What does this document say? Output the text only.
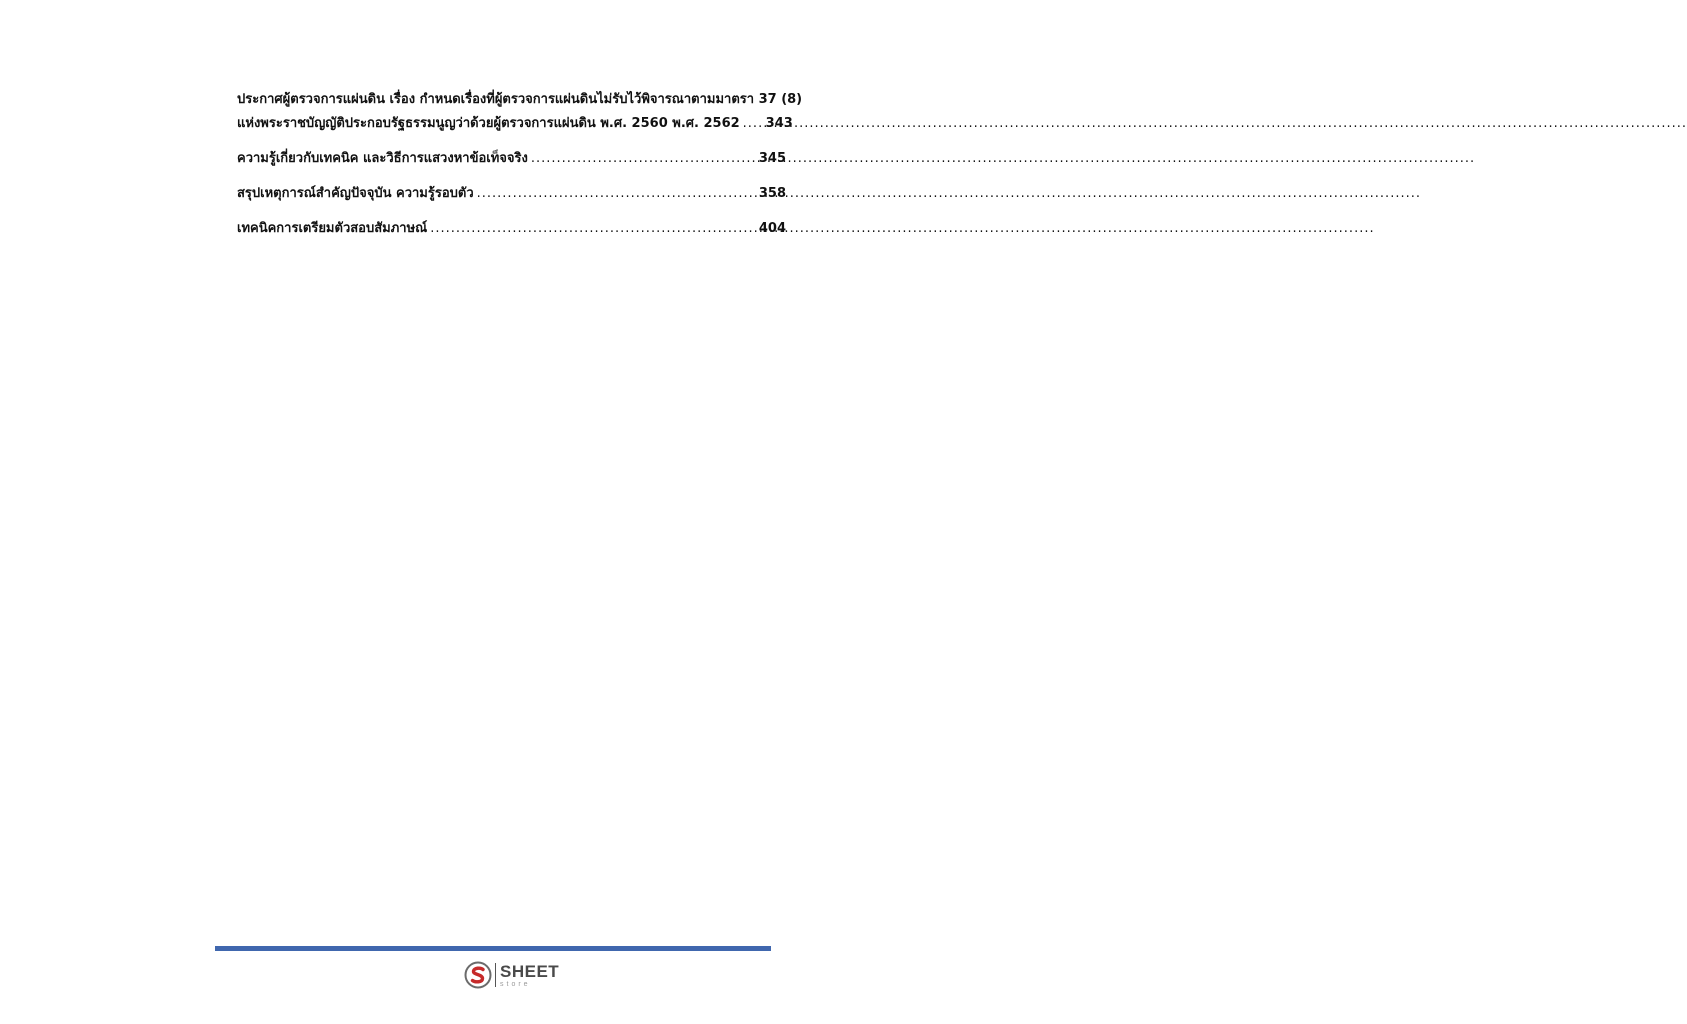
ประกาศผู้ตรวจการแผ่นดิน เรื่อง กำหนดเรื่องที่ผู้ตรวจการแผ่นดินไม่รับไว้พิจารณาตามมาตรา 37 (8)
แห่งพระราชบัญญัติประกอบรัฐธรรมนูญว่าด้วยผู้ตรวจการแผ่นดิน พ.ศ. 2560 พ.ศ. 2562 ..... 343
ความรู้เกี่ยวกับเทคนิค และวิธีการแสวงหาข้อเท็จจริง .....	345
สรุปเหตุการณ์สำคัญปัจจุบัน ความรู้รอบตัว .....	358
เทคนิคการเตรียมตัวสอบสัมภาษณ์ .....	404
SHEET
store
